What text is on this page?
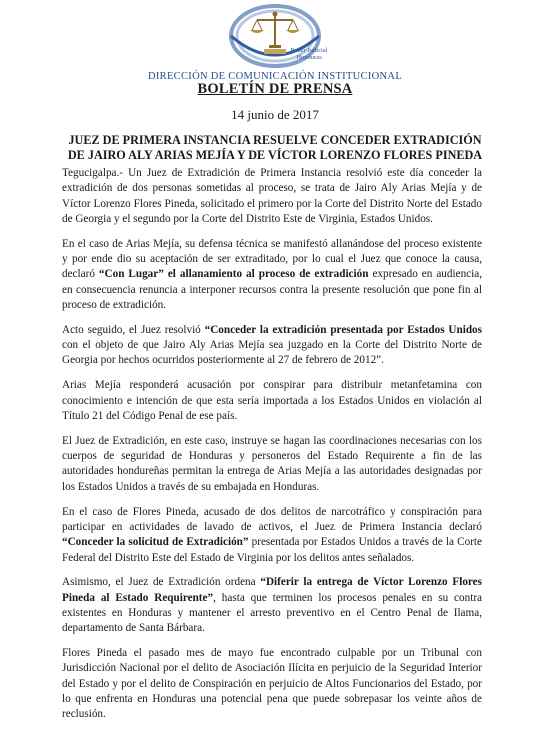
Poder Judicial
Honduras
DIRECCIÓN DE COMUNICACIÓN INSTITUCIONAL
BOLETÍN DE PRENSA
14 junio de 2017
JUEZ DE PRIMERA INSTANCIA RESUELVE CONCEDER EXTRADICIÓN
DE JAIRO ALY ARIAS MEJÍA Y DE VÍCTOR LORENZO FLORES PINEDA

Tegucigalpa.- Un Juez de Extradición de Primera Instancia resolvió este día conceder la extradición de dos personas sometidas al proceso, se trata de Jairo Aly Arias Mejía y de Víctor Lorenzo Flores Pineda, solicitado el primero por la Corte del Distrito Norte del Estado de Georgia y el segundo por la Corte del Distrito Este de Virginia, Estados Unidos.

En el caso de Arias Mejía, su defensa técnica se manifestó allanándose del proceso existente y por ende dio su aceptación de ser extraditado, por lo cual el Juez que conoce la causa, declaró “Con Lugar” el allanamiento al proceso de extradición expresado en audiencia, en consecuencia renuncia a interponer recursos contra la presente resolución que pone fin al proceso de extradición.

Acto seguido, el Juez resolvió “Conceder la extradición presentada por Estados Unidos con el objeto de que Jairo Aly Arias Mejía sea juzgado en la Corte del Distrito Norte de Georgia por hechos ocurridos posteriormente al 27 de febrero de 2012”.

Arias Mejía responderá acusación por conspirar para distribuir metanfetamina con conocimiento e intención de que esta sería importada a los Estados Unidos en violación al Título 21 del Código Penal de ese país.

El Juez de Extradición, en este caso, instruye se hagan las coordinaciones necesarias con los cuerpos de seguridad de Honduras y personeros del Estado Requirente a fin de las autoridades hondureñas permitan la entrega de Arias Mejía a las autoridades designadas por los Estados Unidos a través de su embajada en Honduras.

En el caso de Flores Pineda, acusado de dos delitos de narcotráfico y conspiración para participar en actividades de lavado de activos, el Juez de Primera Instancia declaró “Conceder la solicitud de Extradición” presentada por Estados Unidos a través de la Corte Federal del Distrito Este del Estado de Virginia por los delitos antes señalados.

Asimismo, el Juez de Extradición ordena “Diferir la entrega de Víctor Lorenzo Flores Pineda al Estado Requirente”, hasta que terminen los procesos penales en su contra existentes en Honduras y mantener el arresto preventivo en el Centro Penal de Ilama, departamento de Santa Bárbara.

Flores Pineda el pasado mes de mayo fue encontrado culpable por un Tribunal con Jurisdicción Nacional por el delito de Asociación Ilícita en perjuicio de la Seguridad Interior del Estado y por el delito de Conspiración en perjuicio de Altos Funcionarios del Estado, por lo que enfrenta en Honduras una potencial pena que puede sobrepasar los veinte años de reclusión.
